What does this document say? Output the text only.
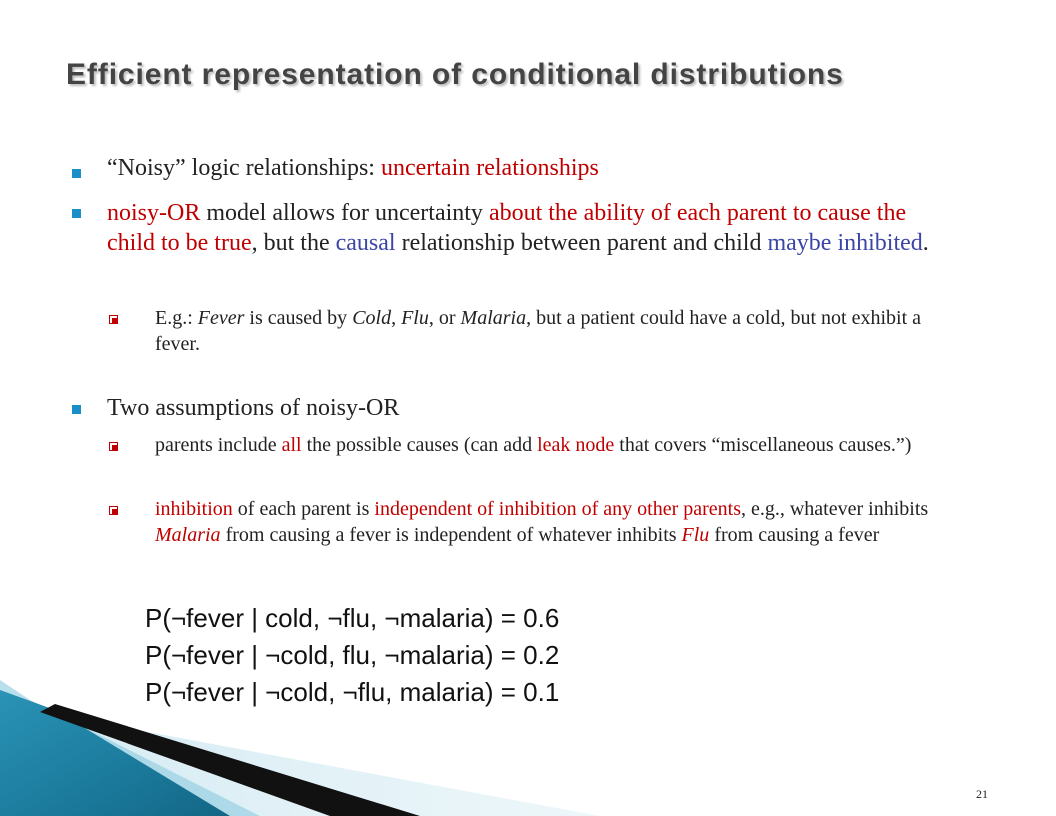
Efficient representation of conditional distributions
“Noisy” logic relationships: uncertain relationships
noisy-OR model allows for uncertainty about the ability of each parent to cause the child to be true, but the causal relationship between parent and child maybe inhibited.
E.g.: Fever is caused by Cold, Flu, or Malaria, but a patient could have a cold, but not exhibit a fever.
Two assumptions of noisy-OR
parents include all the possible causes (can add leak node that covers “miscellaneous causes.”)
inhibition of each parent is independent of inhibition of any other parents, e.g., whatever inhibits Malaria from causing a fever is independent of whatever inhibits Flu from causing a fever
P(¬fever | cold, ¬flu, ¬malaria) = 0.6
P(¬fever | ¬cold, flu, ¬malaria) = 0.2
P(¬fever | ¬cold, ¬flu, malaria) = 0.1
21
